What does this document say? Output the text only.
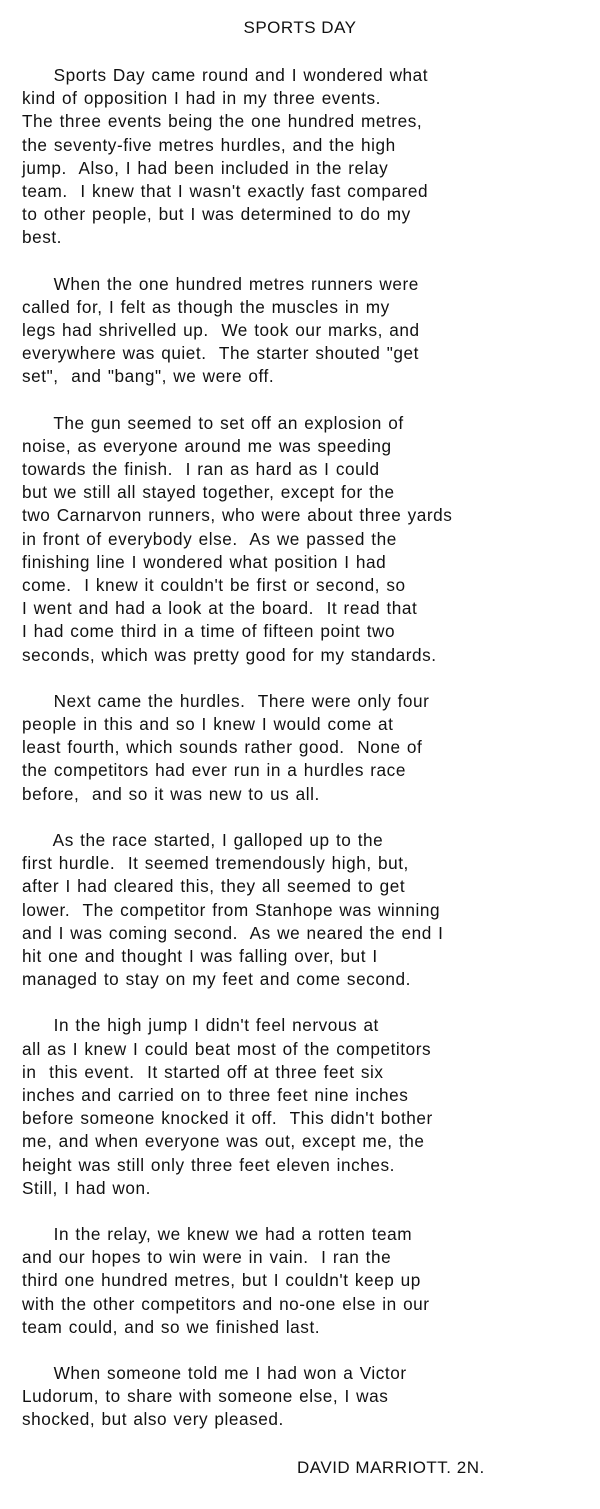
SPORTS DAY
Sports Day came round and I wondered what
kind of opposition I had in my three events.
The three events being the one hundred metres,
the seventy-five metres hurdles, and the high
jump.  Also, I had been included in the relay
team.  I knew that I wasn't exactly fast compared
to other people, but I was determined to do my
best.
When the one hundred metres runners were
called for, I felt as though the muscles in my
legs had shrivelled up.  We took our marks, and
everywhere was quiet.  The starter shouted "get
set",  and "bang", we were off.
The gun seemed to set off an explosion of
noise, as everyone around me was speeding
towards the finish.  I ran as hard as I could
but we still all stayed together, except for the
two Carnarvon runners, who were about three yards
in front of everybody else.  As we passed the
finishing line I wondered what position I had
come.  I knew it couldn't be first or second, so
I went and had a look at the board.  It read that
I had come third in a time of fifteen point two
seconds, which was pretty good for my standards.
Next came the hurdles.  There were only four
people in this and so I knew I would come at
least fourth, which sounds rather good.  None of
the competitors had ever run in a hurdles race
before,  and so it was new to us all.
As the race started, I galloped up to the
first hurdle.  It seemed tremendously high, but,
after I had cleared this, they all seemed to get
lower.  The competitor from Stanhope was winning
and I was coming second.  As we neared the end I
hit one and thought I was falling over, but I
managed to stay on my feet and come second.
In the high jump I didn't feel nervous at
all as I knew I could beat most of the competitors
in  this event.  It started off at three feet six
inches and carried on to three feet nine inches
before someone knocked it off.  This didn't bother
me, and when everyone was out, except me, the
height was still only three feet eleven inches.
Still, I had won.
In the relay, we knew we had a rotten team
and our hopes to win were in vain.  I ran the
third one hundred metres, but I couldn't keep up
with the other competitors and no-one else in our
team could, and so we finished last.
When someone told me I had won a Victor
Ludorum, to share with someone else, I was
shocked, but also very pleased.
DAVID MARRIOTT. 2N.
